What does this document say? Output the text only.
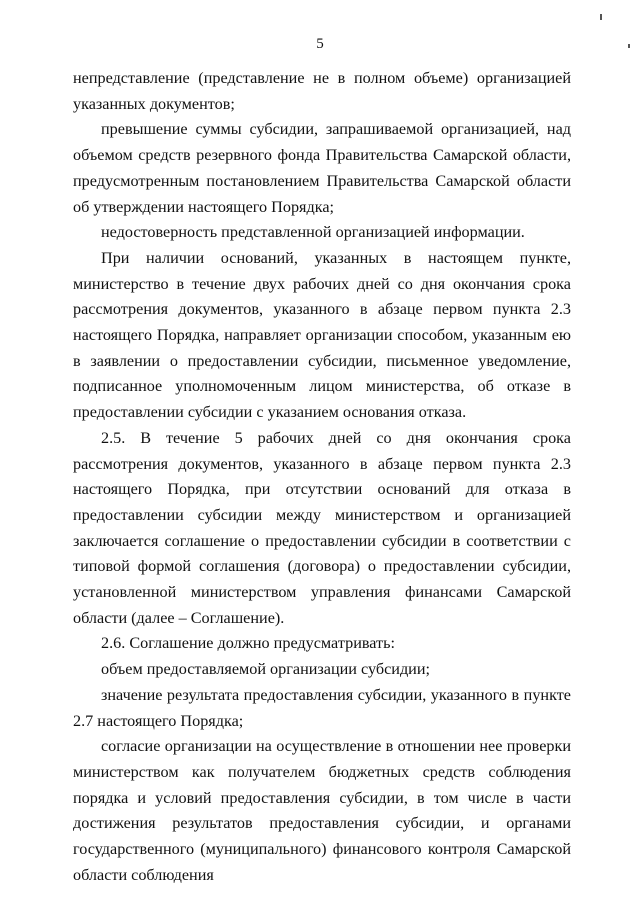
5

непредставление (представление не в полном объеме) организацией указанных документов;

превышение суммы субсидии, запрашиваемой организацией, над объемом средств резервного фонда Правительства Самарской области, предусмотренным постановлением Правительства Самарской области об утверждении настоящего Порядка;

недостоверность представленной организацией информации.

При наличии оснований, указанных в настоящем пункте, министерство в течение двух рабочих дней со дня окончания срока рассмотрения документов, указанного в абзаце первом пункта 2.3 настоящего Порядка, направляет организации способом, указанным ею в заявлении о предоставлении субсидии, письменное уведомление, подписанное уполномоченным лицом министерства, об отказе в предоставлении субсидии с указанием основания отказа.

2.5. В течение 5 рабочих дней со дня окончания срока рассмотрения документов, указанного в абзаце первом пункта 2.3 настоящего Порядка, при отсутствии оснований для отказа в предоставлении субсидии между министерством и организацией заключается соглашение о предоставлении субсидии в соответствии с типовой формой соглашения (договора) о предоставлении субсидии, установленной министерством управления финансами Самарской области (далее – Соглашение).

2.6. Соглашение должно предусматривать:

объем предоставляемой организации субсидии;

значение результата предоставления субсидии, указанного в пункте 2.7 настоящего Порядка;

согласие организации на осуществление в отношении нее проверки министерством как получателем бюджетных средств соблюдения порядка и условий предоставления субсидии, в том числе в части достижения результатов предоставления субсидии, и органами государственного (муниципального) финансового контроля Самарской области соблюдения
